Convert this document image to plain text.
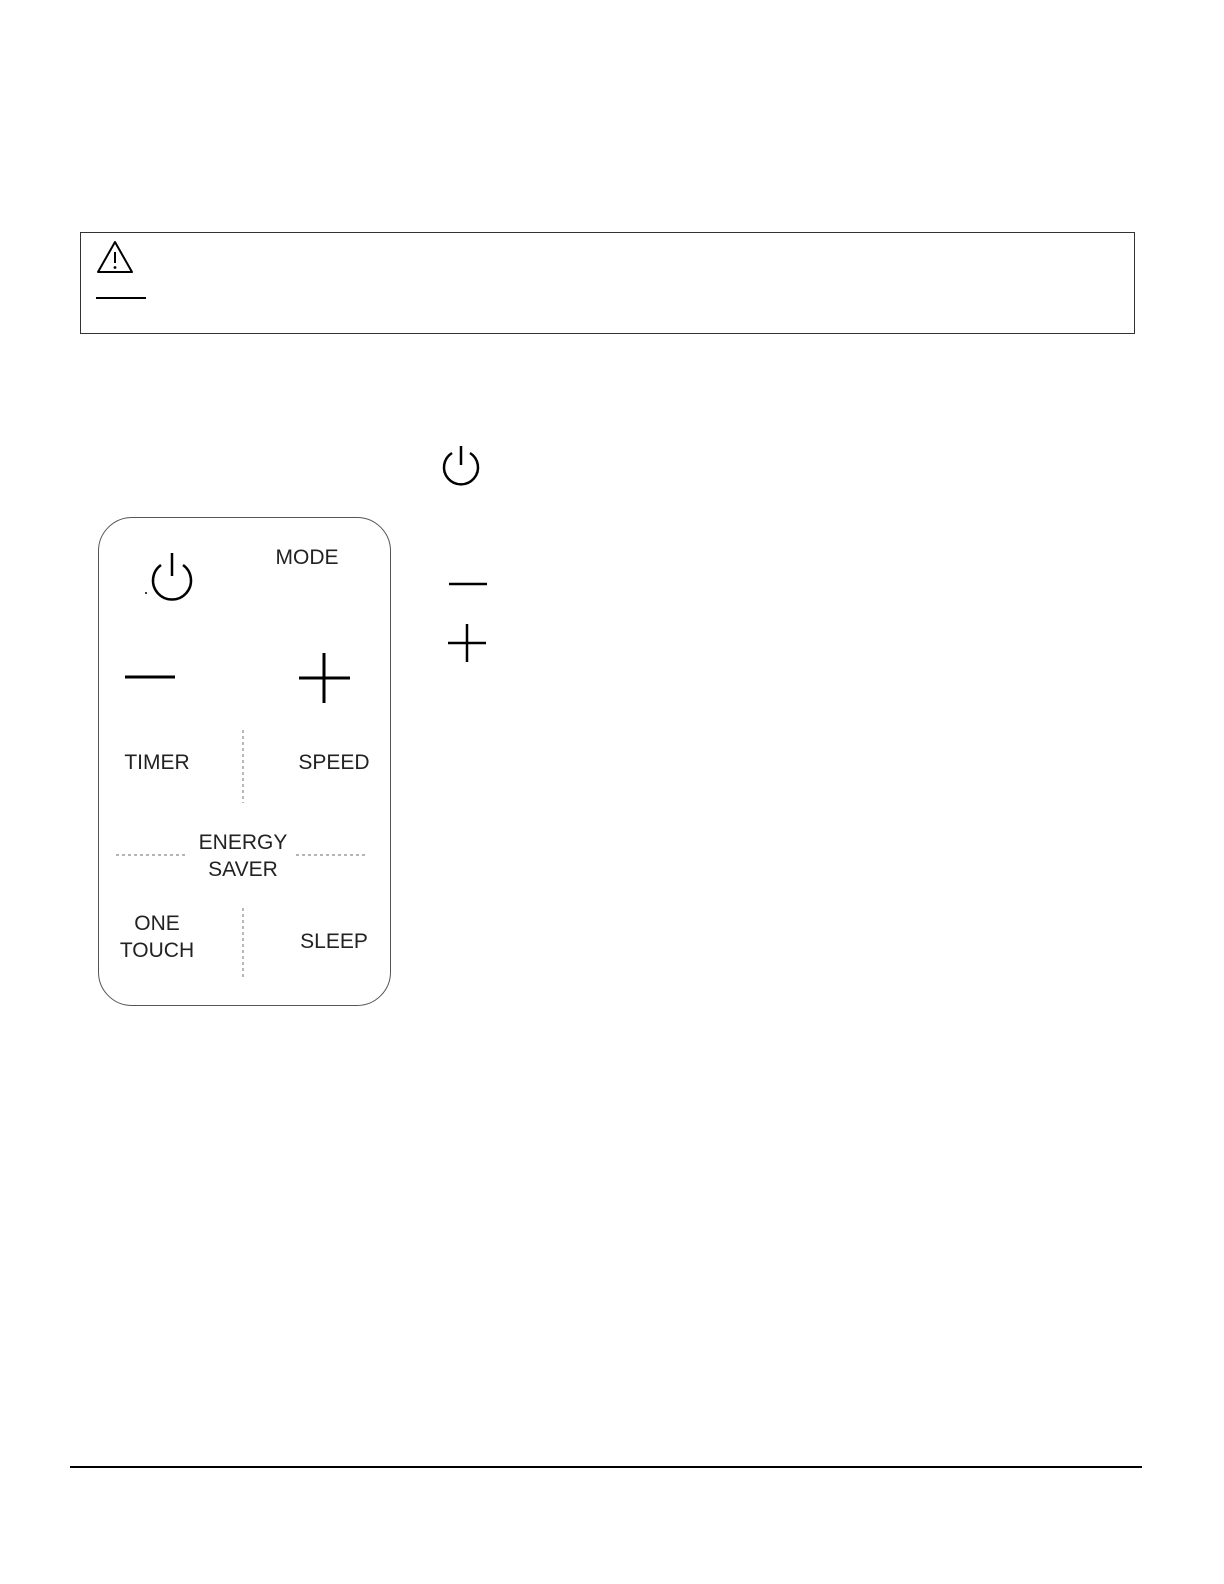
MODE
TIMER	SPEED
ENERGY
SAVER
ONE
TOUCH	SLEEP
